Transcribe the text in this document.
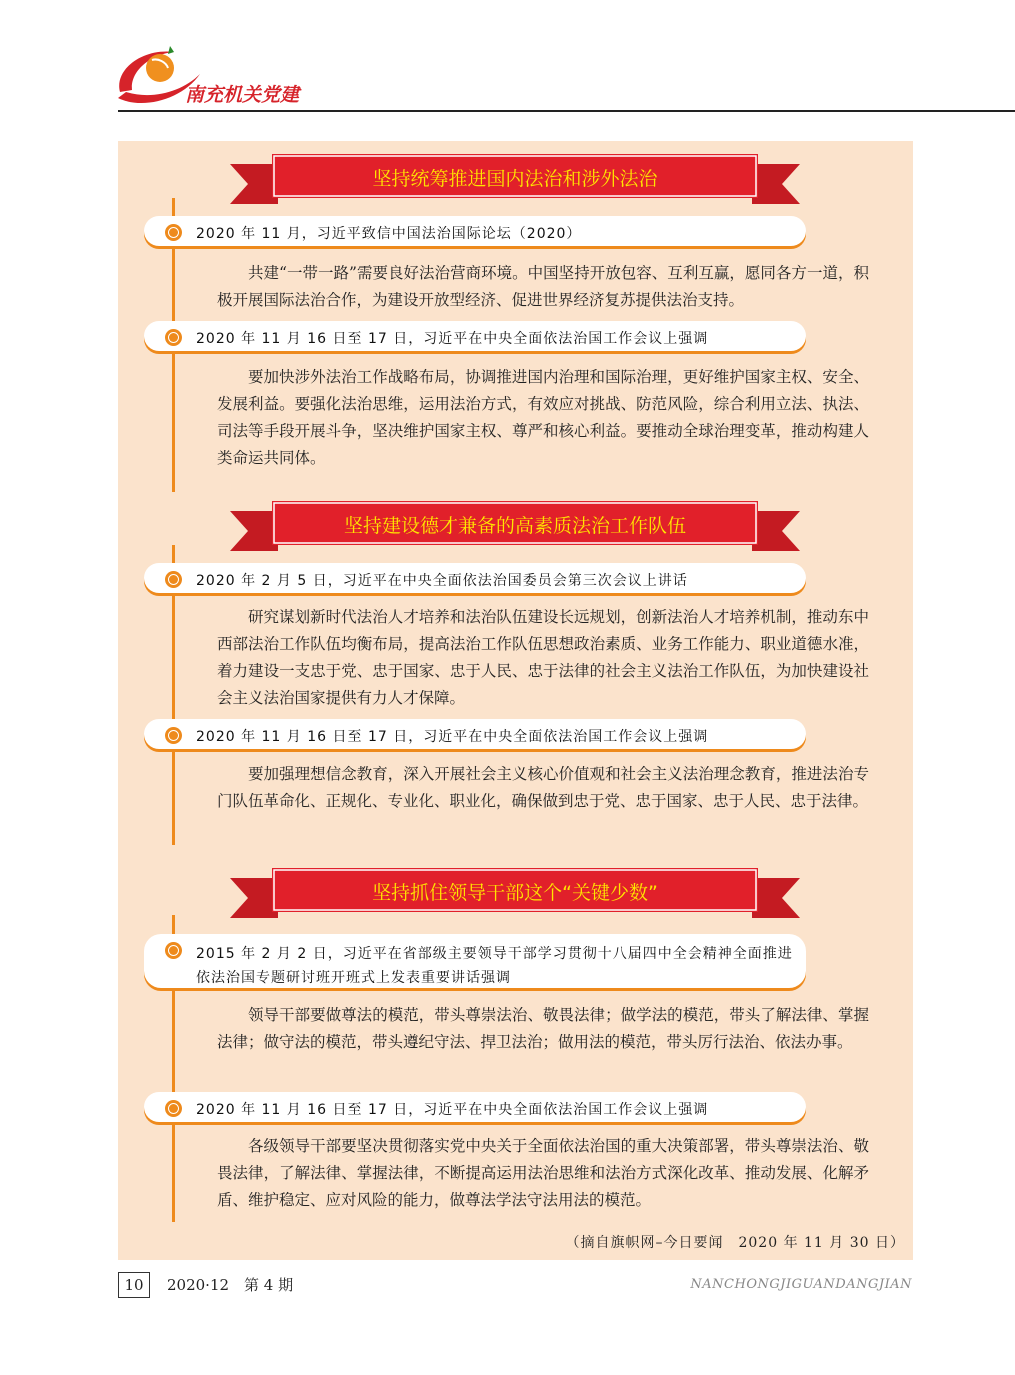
南充机关党建
坚持统筹推进国内法治和涉外法治
2020 年 11 月，习近平致信中国法治国际论坛（2020）
共建“一带一路”需要良好法治营商环境。中国坚持开放包容、互利互赢，愿同各方一道，积极开展国际法治合作，为建设开放型经济、促进世界经济复苏提供法治支持。
2020 年 11 月 16 日至 17 日，习近平在中央全面依法治国工作会议上强调
要加快涉外法治工作战略布局，协调推进国内治理和国际治理，更好维护国家主权、安全、发展利益。要强化法治思维，运用法治方式，有效应对挑战、防范风险，综合利用立法、执法、司法等手段开展斗争，坚决维护国家主权、尊严和核心利益。要推动全球治理变革，推动构建人类命运共同体。
坚持建设德才兼备的高素质法治工作队伍
2020 年 2 月 5 日，习近平在中央全面依法治国委员会第三次会议上讲话
研究谋划新时代法治人才培养和法治队伍建设长远规划，创新法治人才培养机制，推动东中西部法治工作队伍均衡布局，提高法治工作队伍思想政治素质、业务工作能力、职业道德水准，着力建设一支忠于党、忠于国家、忠于人民、忠于法律的社会主义法治工作队伍，为加快建设社会主义法治国家提供有力人才保障。
2020 年 11 月 16 日至 17 日，习近平在中央全面依法治国工作会议上强调
要加强理想信念教育，深入开展社会主义核心价值观和社会主义法治理念教育，推进法治专门队伍革命化、正规化、专业化、职业化，确保做到忠于党、忠于国家、忠于人民、忠于法律。
坚持抓住领导干部这个“关键少数”
2015 年 2 月 2 日，习近平在省部级主要领导干部学习贯彻十八届四中全会精神全面推进依法治国专题研讨班开班式上发表重要讲话强调
领导干部要做尊法的模范，带头尊崇法治、敬畏法律；做学法的模范，带头了解法律、掌握法律；做守法的模范，带头遵纪守法、捍卫法治；做用法的模范，带头厉行法治、依法办事。
2020 年 11 月 16 日至 17 日，习近平在中央全面依法治国工作会议上强调
各级领导干部要坚决贯彻落实党中央关于全面依法治国的重大决策部署，带头尊崇法治、敬畏法律，了解法律、掌握法律，不断提高运用法治思维和法治方式深化改革、推动发展、化解矛盾、维护稳定、应对风险的能力，做尊法学法守法用法的模范。
（摘自旗帜网–今日要闻　2020 年 11 月 30 日）
10	2020·12　第 4 期	NANCHONGJIGUANDANGJIAN
